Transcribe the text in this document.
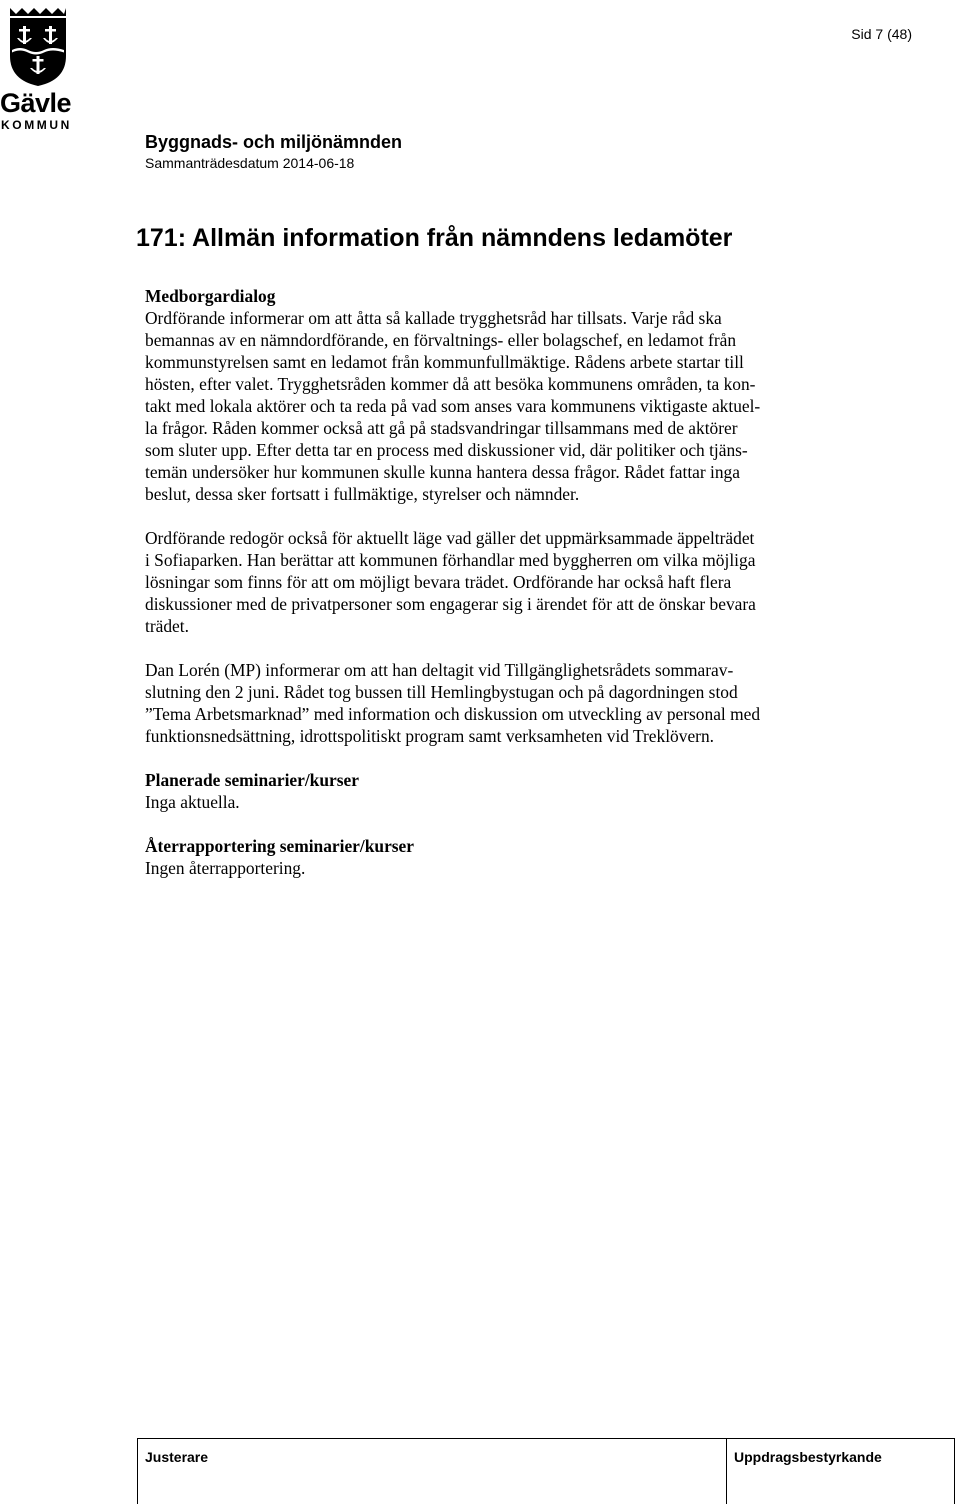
Gävle
KOMMUN
Sid 7 (48)
Byggnads- och miljönämnden
Sammanträdesdatum 2014-06-18
171: Allmän information från nämndens ledamöter

Medborgardialog

Ordförande informerar om att åtta så kallade trygghetsråd har tillsats. Varje råd ska
bemannas av en nämndordförande, en förvaltnings- eller bolagschef, en ledamot från
kommunstyrelsen samt en ledamot från kommunfullmäktige. Rådens arbete startar till
hösten, efter valet. Trygghetsråden kommer då att besöka kommunens områden, ta kon-
takt med lokala aktörer och ta reda på vad som anses vara kommunens viktigaste aktuel-
la frågor. Råden kommer också att gå på stadsvandringar tillsammans med de aktörer
som sluter upp. Efter detta tar en process med diskussioner vid, där politiker och tjäns-
temän undersöker hur kommunen skulle kunna hantera dessa frågor. Rådet fattar inga
beslut, dessa sker fortsatt i fullmäktige, styrelser och nämnder.

Ordförande redogör också för aktuellt läge vad gäller det uppmärksammade äppelträdet
i Sofiaparken. Han berättar att kommunen förhandlar med byggherren om vilka möjliga
lösningar som finns för att om möjligt bevara trädet. Ordförande har också haft flera
diskussioner med de privatpersoner som engagerar sig i ärendet för att de önskar bevara
trädet.

Dan Lorén (MP) informerar om att han deltagit vid Tillgänglighetsrådets sommarav-
slutning den 2 juni. Rådet tog bussen till Hemlingbystugan och på dagordningen stod
”Tema Arbetsmarknad” med information och diskussion om utveckling av personal med
funktionsnedsättning, idrottspolitiskt program samt verksamheten vid Treklövern.

Planerade seminarier/kurser

Inga aktuella.

Återrapportering seminarier/kurser

Ingen återrapportering.

Justerare	Uppdragsbestyrkande
